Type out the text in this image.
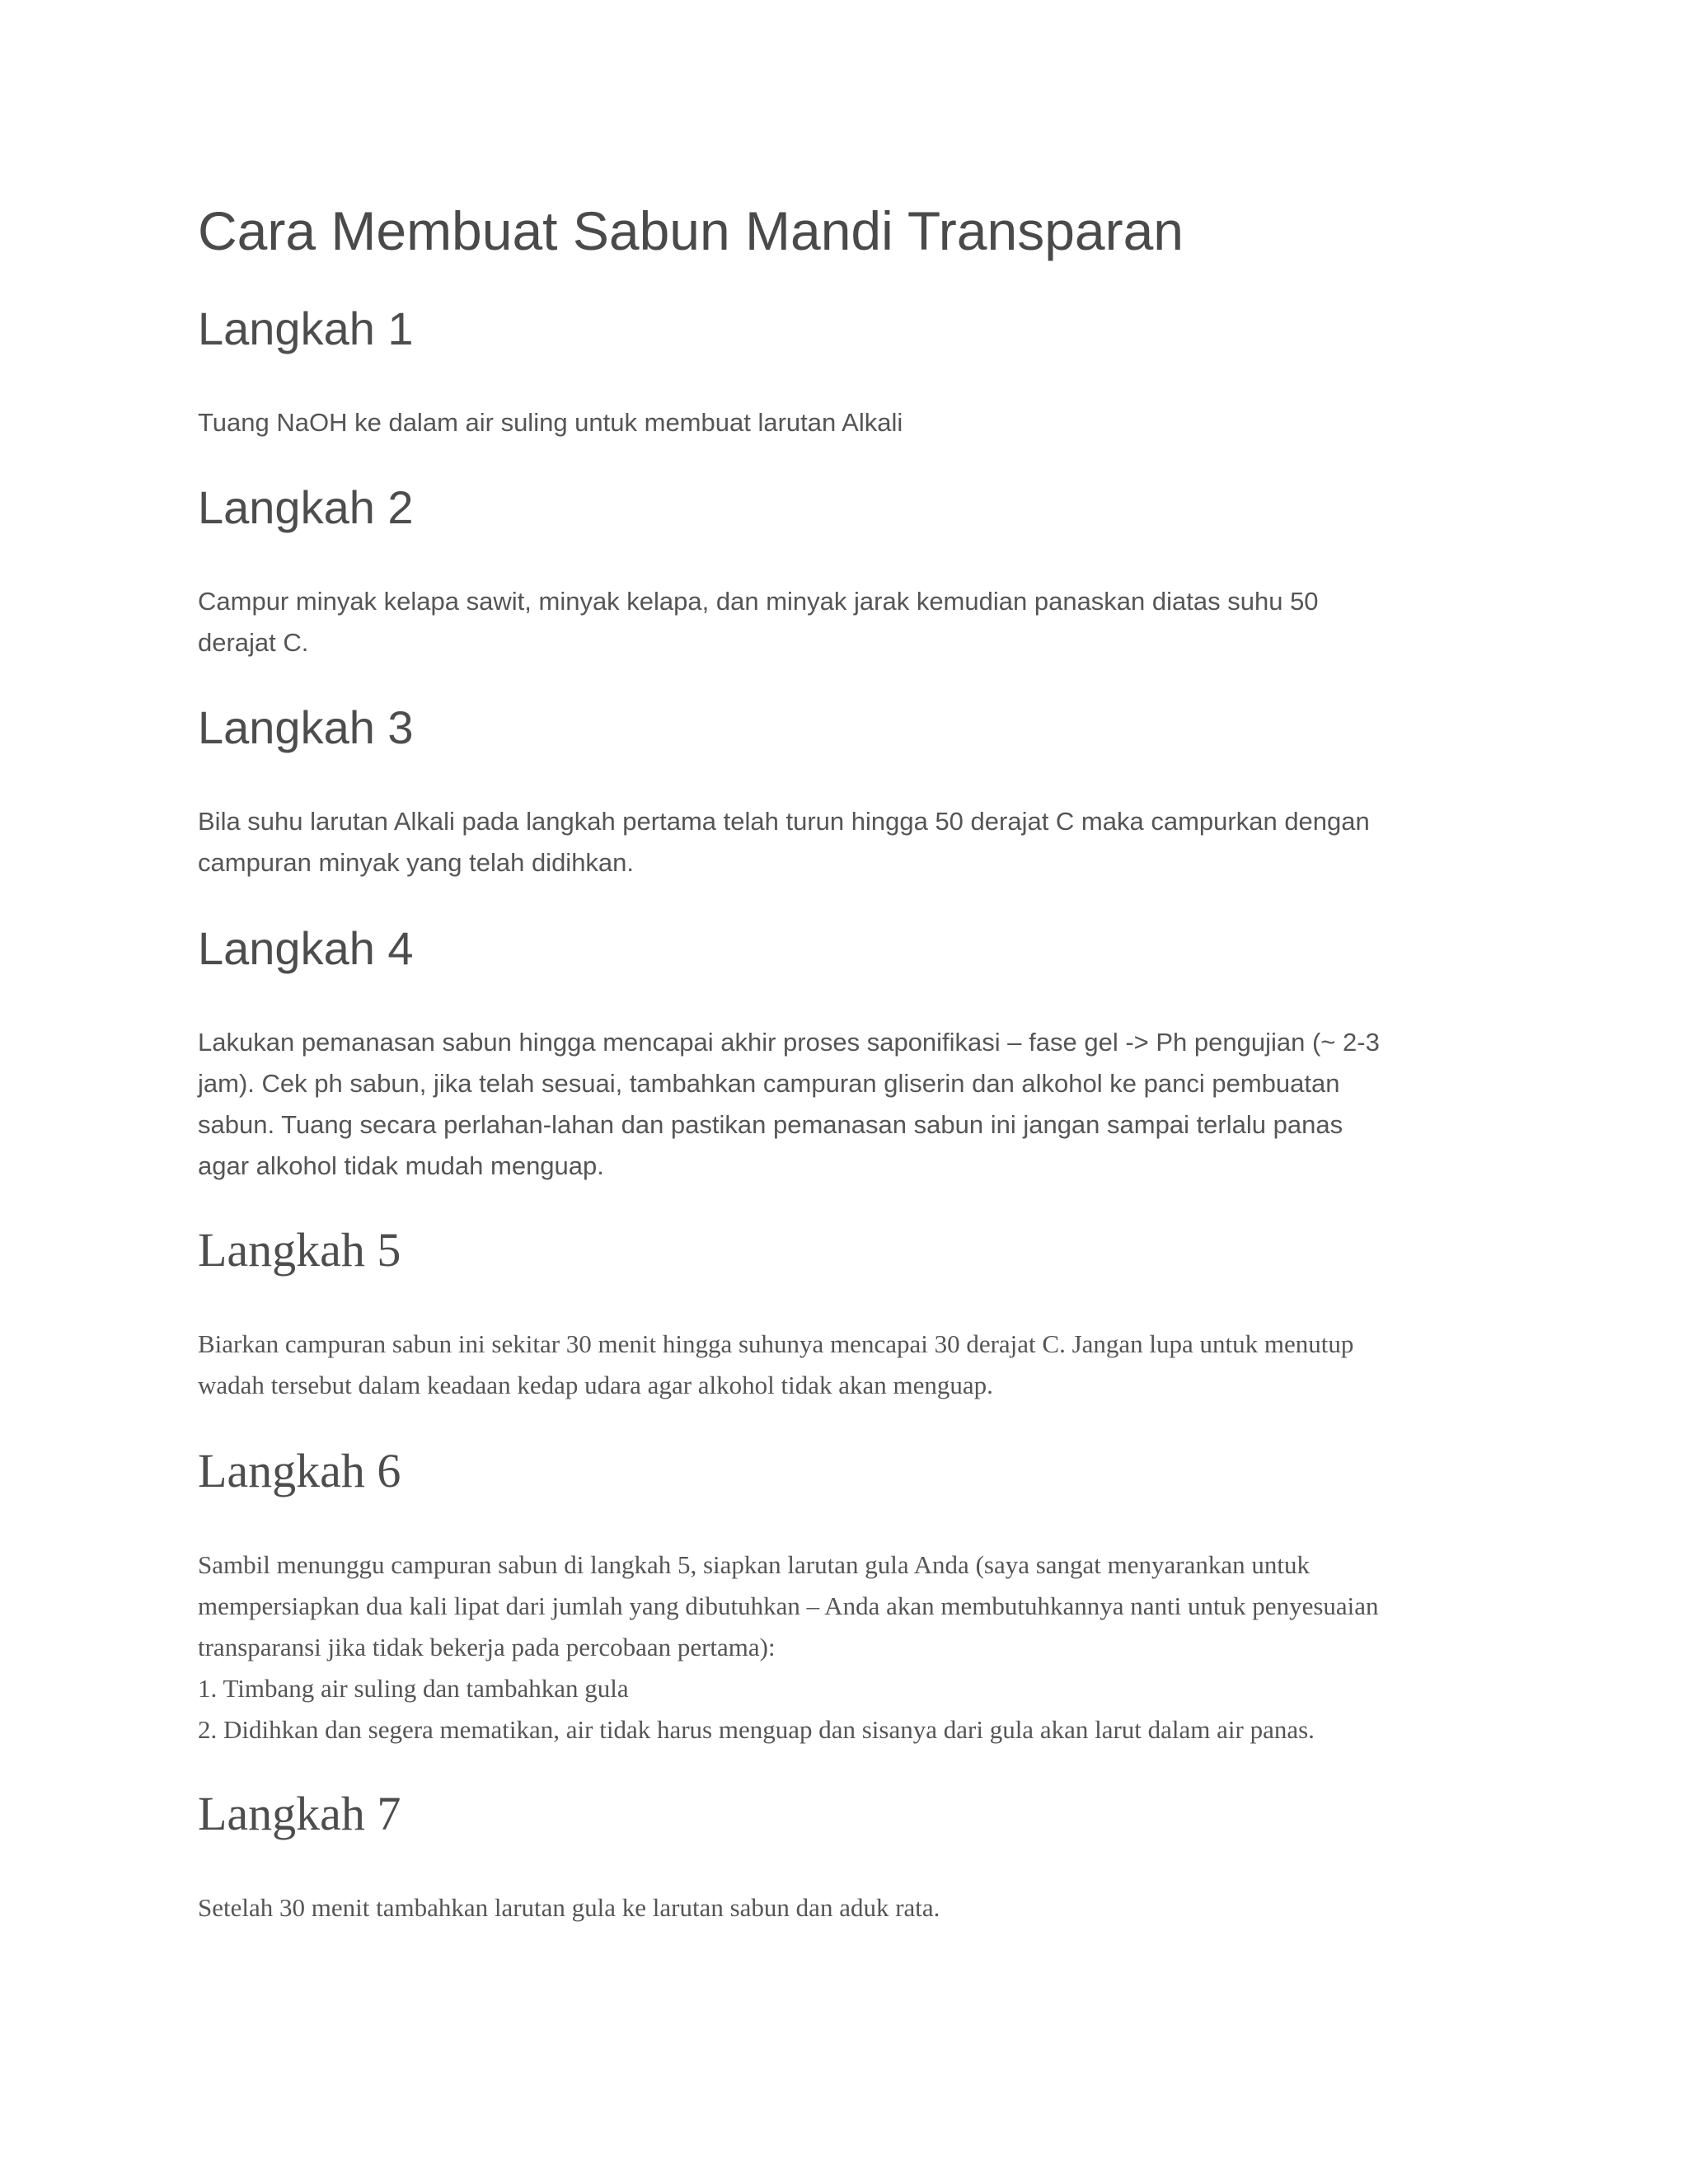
Cara Membuat Sabun Mandi Transparan
Langkah 1

Tuang NaOH ke dalam air suling untuk membuat larutan Alkali

Langkah 2

Campur minyak kelapa sawit, minyak kelapa, dan minyak jarak kemudian panaskan diatas suhu 50
derajat C.

Langkah 3

Bila suhu larutan Alkali pada langkah pertama telah turun hingga 50 derajat C maka campurkan dengan
campuran minyak yang telah didihkan.

Langkah 4

Lakukan pemanasan sabun hingga mencapai akhir proses saponifikasi – fase gel -> Ph pengujian (~ 2-3
jam). Cek ph sabun, jika telah sesuai, tambahkan campuran gliserin dan alkohol ke panci pembuatan
sabun. Tuang secara perlahan-lahan dan pastikan pemanasan sabun ini jangan sampai terlalu panas
agar alkohol tidak mudah menguap.

Langkah 5

Biarkan campuran sabun ini sekitar 30 menit hingga suhunya mencapai 30 derajat C. Jangan lupa untuk menutup
wadah tersebut dalam keadaan kedap udara agar alkohol tidak akan menguap.

Langkah 6

Sambil menunggu campuran sabun di langkah 5, siapkan larutan gula Anda (saya sangat menyarankan untuk
mempersiapkan dua kali lipat dari jumlah yang dibutuhkan – Anda akan membutuhkannya nanti untuk penyesuaian
transparansi jika tidak bekerja pada percobaan pertama):
1. Timbang air suling dan tambahkan gula
2. Didihkan dan segera mematikan, air tidak harus menguap dan sisanya dari gula akan larut dalam air panas.

Langkah 7

Setelah 30 menit tambahkan larutan gula ke larutan sabun dan aduk rata.
